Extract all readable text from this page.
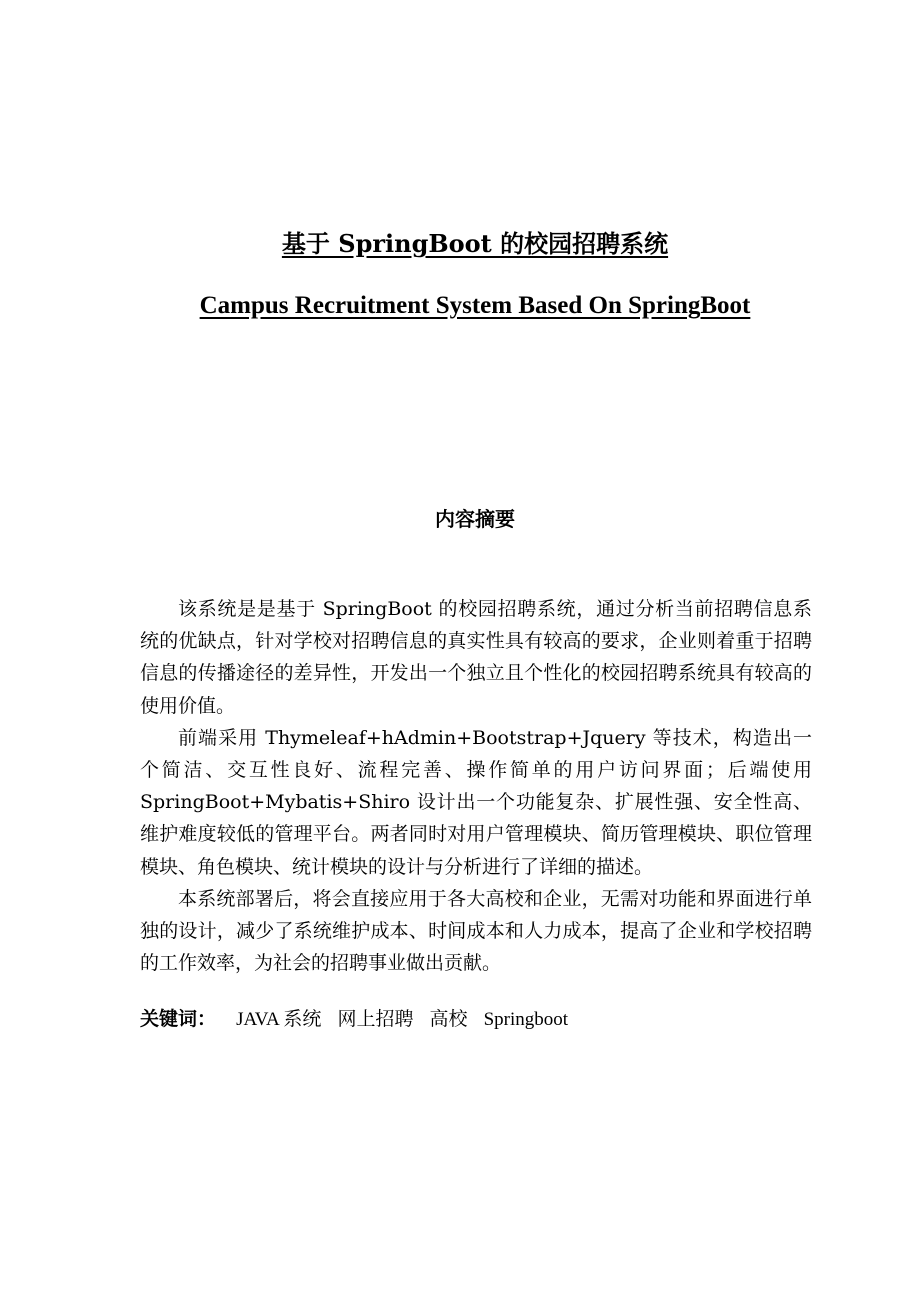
基于 SpringBoot 的校园招聘系统
Campus Recruitment System Based On SpringBoot
内容摘要

该系统是是基于 SpringBoot 的校园招聘系统，通过分析当前招聘信息系统的优缺点，针对学校对招聘信息的真实性具有较高的要求，企业则着重于招聘信息的传播途径的差异性，开发出一个独立且个性化的校园招聘系统具有较高的使用价值。

前端采用 Thymeleaf+hAdmin+Bootstrap+Jquery 等技术，构造出一个简洁、交互性良好、流程完善、操作简单的用户访问界面；后端使用 SpringBoot+Mybatis+Shiro 设计出一个功能复杂、扩展性强、安全性高、维护难度较低的管理平台。两者同时对用户管理模块、简历管理模块、职位管理模块、角色模块、统计模块的设计与分析进行了详细的描述。

本系统部署后，将会直接应用于各大高校和企业，无需对功能和界面进行单独的设计，减少了系统维护成本、时间成本和人力成本，提高了企业和学校招聘的工作效率，为社会的招聘事业做出贡献。

关键词： JAVA 系统 网上招聘 高校 Springboot
